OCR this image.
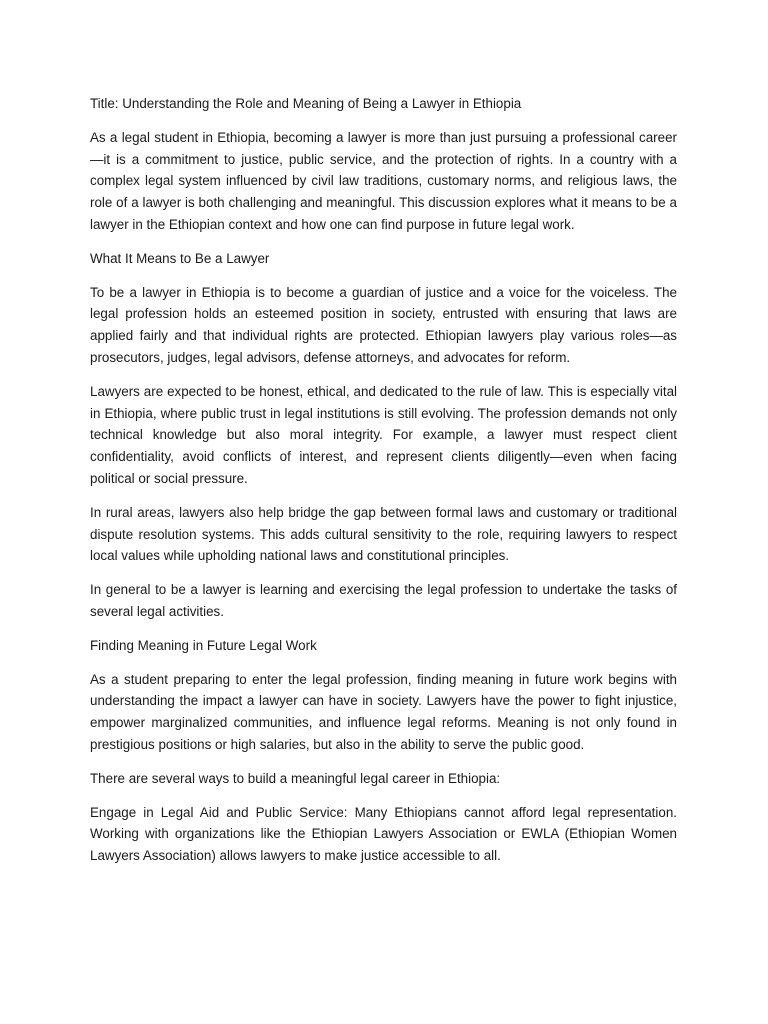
Title: Understanding the Role and Meaning of Being a Lawyer in Ethiopia

As a legal student in Ethiopia, becoming a lawyer is more than just pursuing a professional career—it is a commitment to justice, public service, and the protection of rights. In a country with a complex legal system influenced by civil law traditions, customary norms, and religious laws, the role of a lawyer is both challenging and meaningful. This discussion explores what it means to be a lawyer in the Ethiopian context and how one can find purpose in future legal work.

What It Means to Be a Lawyer

To be a lawyer in Ethiopia is to become a guardian of justice and a voice for the voiceless. The legal profession holds an esteemed position in society, entrusted with ensuring that laws are applied fairly and that individual rights are protected. Ethiopian lawyers play various roles—as prosecutors, judges, legal advisors, defense attorneys, and advocates for reform.

Lawyers are expected to be honest, ethical, and dedicated to the rule of law. This is especially vital in Ethiopia, where public trust in legal institutions is still evolving. The profession demands not only technical knowledge but also moral integrity. For example, a lawyer must respect client confidentiality, avoid conflicts of interest, and represent clients diligently—even when facing political or social pressure.

In rural areas, lawyers also help bridge the gap between formal laws and customary or traditional dispute resolution systems. This adds cultural sensitivity to the role, requiring lawyers to respect local values while upholding national laws and constitutional principles.

In general to be a lawyer is learning and exercising the legal profession to undertake the tasks of several legal activities.

Finding Meaning in Future Legal Work

As a student preparing to enter the legal profession, finding meaning in future work begins with understanding the impact a lawyer can have in society. Lawyers have the power to fight injustice, empower marginalized communities, and influence legal reforms. Meaning is not only found in prestigious positions or high salaries, but also in the ability to serve the public good.

There are several ways to build a meaningful legal career in Ethiopia:

Engage in Legal Aid and Public Service: Many Ethiopians cannot afford legal representation. Working with organizations like the Ethiopian Lawyers Association or EWLA (Ethiopian Women Lawyers Association) allows lawyers to make justice accessible to all.
